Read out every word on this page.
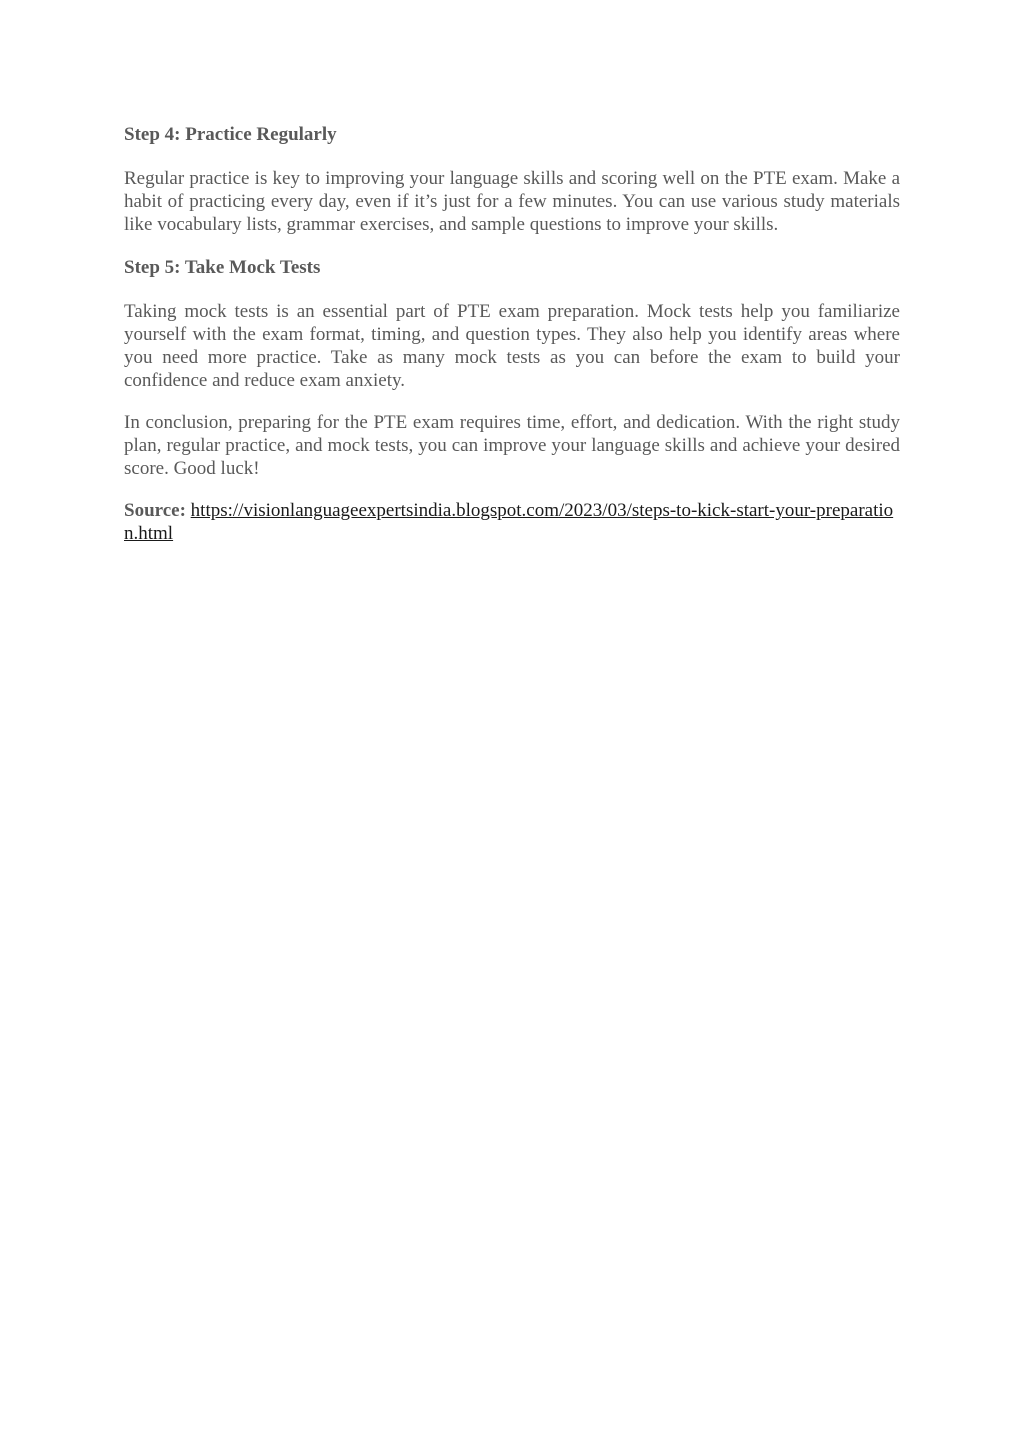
Step 4: Practice Regularly

Regular practice is key to improving your language skills and scoring well on the PTE exam. Make a habit of practicing every day, even if it’s just for a few minutes. You can use various study materials like vocabulary lists, grammar exercises, and sample questions to improve your skills.

Step 5: Take Mock Tests

Taking mock tests is an essential part of PTE exam preparation. Mock tests help you familiarize yourself with the exam format, timing, and question types. They also help you identify areas where you need more practice. Take as many mock tests as you can before the exam to build your confidence and reduce exam anxiety.

In conclusion, preparing for the PTE exam requires time, effort, and dedication. With the right study plan, regular practice, and mock tests, you can improve your language skills and achieve your desired score. Good luck!

Source: https://visionlanguageexpertsindia.blogspot.com/2023/03/steps-to-kick-start-your-preparation.html
